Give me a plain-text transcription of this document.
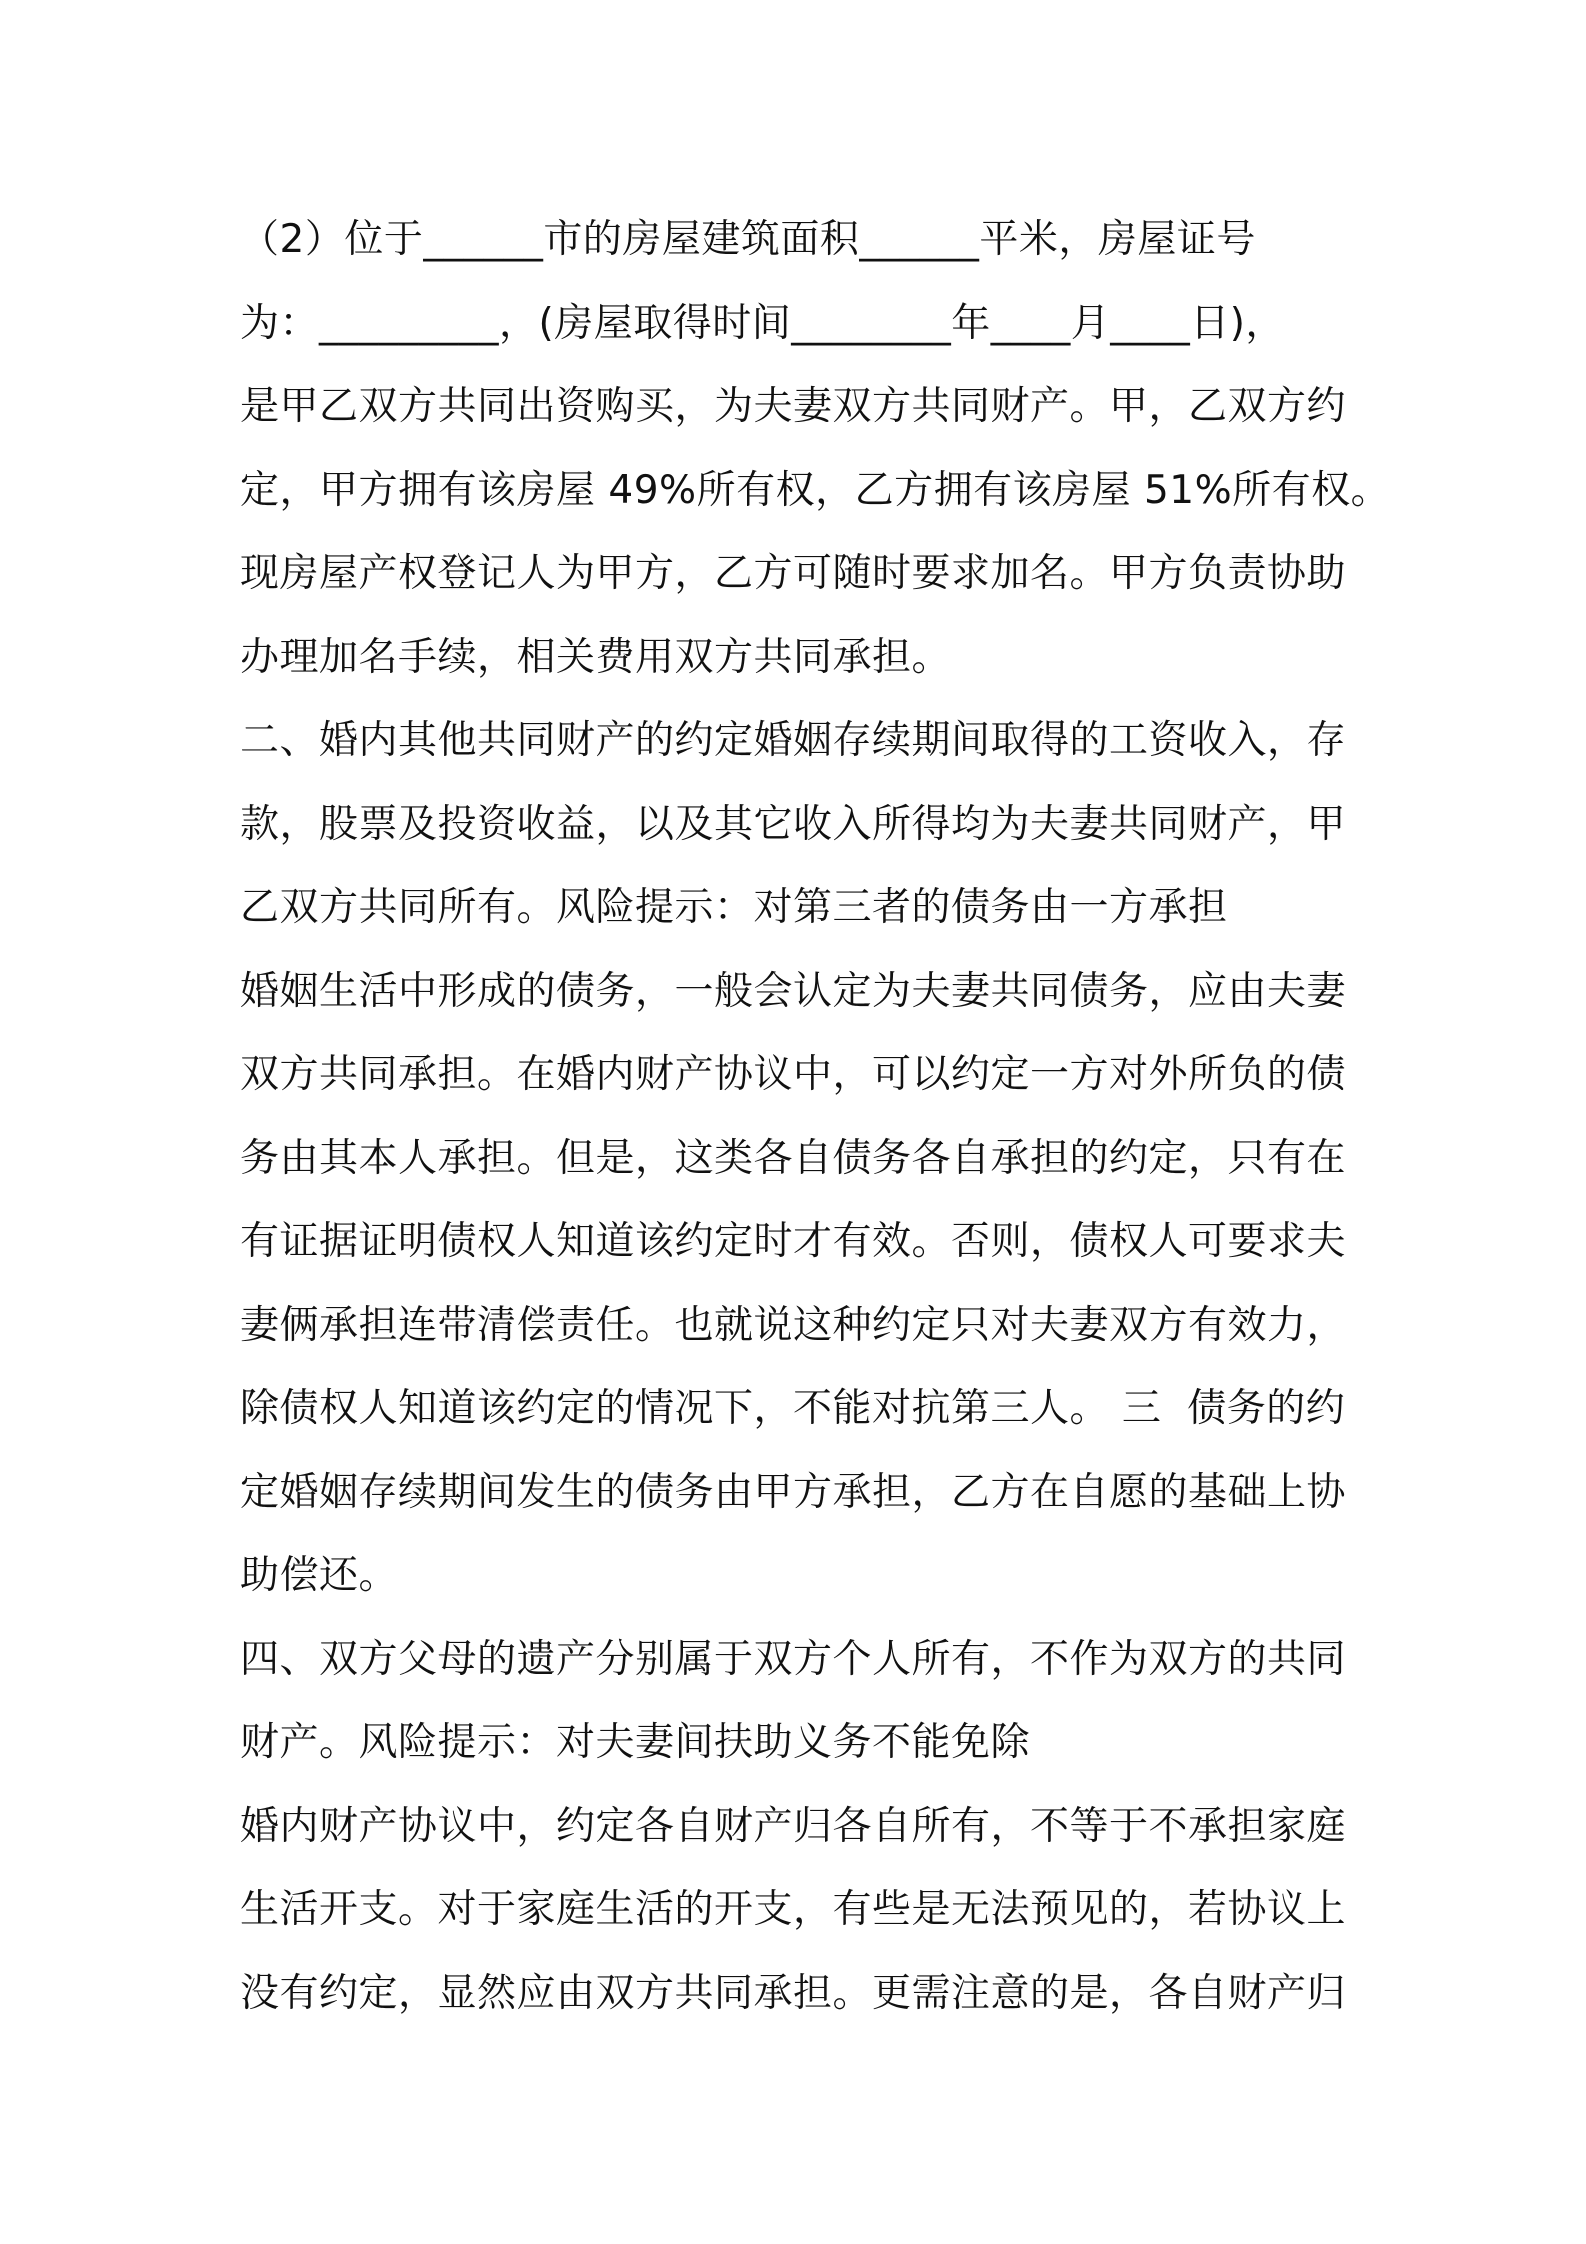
（2）位于______市的房屋建筑面积______平米，房屋证号
为：_________，(房屋取得时间________年____月____日)，
是甲乙双方共同出资购买，为夫妻双方共同财产。甲，乙双方约
定，甲方拥有该房屋 49%所有权，乙方拥有该房屋 51%所有权。
现房屋产权登记人为甲方，乙方可随时要求加名。甲方负责协助
办理加名手续，相关费用双方共同承担。
二、婚内其他共同财产的约定婚姻存续期间取得的工资收入，存
款，股票及投资收益，以及其它收入所得均为夫妻共同财产，甲
乙双方共同所有。风险提示：对第三者的债务由一方承担
婚姻生活中形成的债务，一般会认定为夫妻共同债务，应由夫妻
双方共同承担。在婚内财产协议中，可以约定一方对外所负的债
务由其本人承担。但是，这类各自债务各自承担的约定，只有在
有证据证明债权人知道该约定时才有效。否则，债权人可要求夫
妻俩承担连带清偿责任。也就说这种约定只对夫妻双方有效力，
除债权人知道该约定的情况下，不能对抗第三人。 三  债务的约
定婚姻存续期间发生的债务由甲方承担，乙方在自愿的基础上协
助偿还。
四、双方父母的遗产分别属于双方个人所有，不作为双方的共同
财产。风险提示：对夫妻间扶助义务不能免除
婚内财产协议中，约定各自财产归各自所有，不等于不承担家庭
生活开支。对于家庭生活的开支，有些是无法预见的，若协议上
没有约定，显然应由双方共同承担。更需注意的是，各自财产归
